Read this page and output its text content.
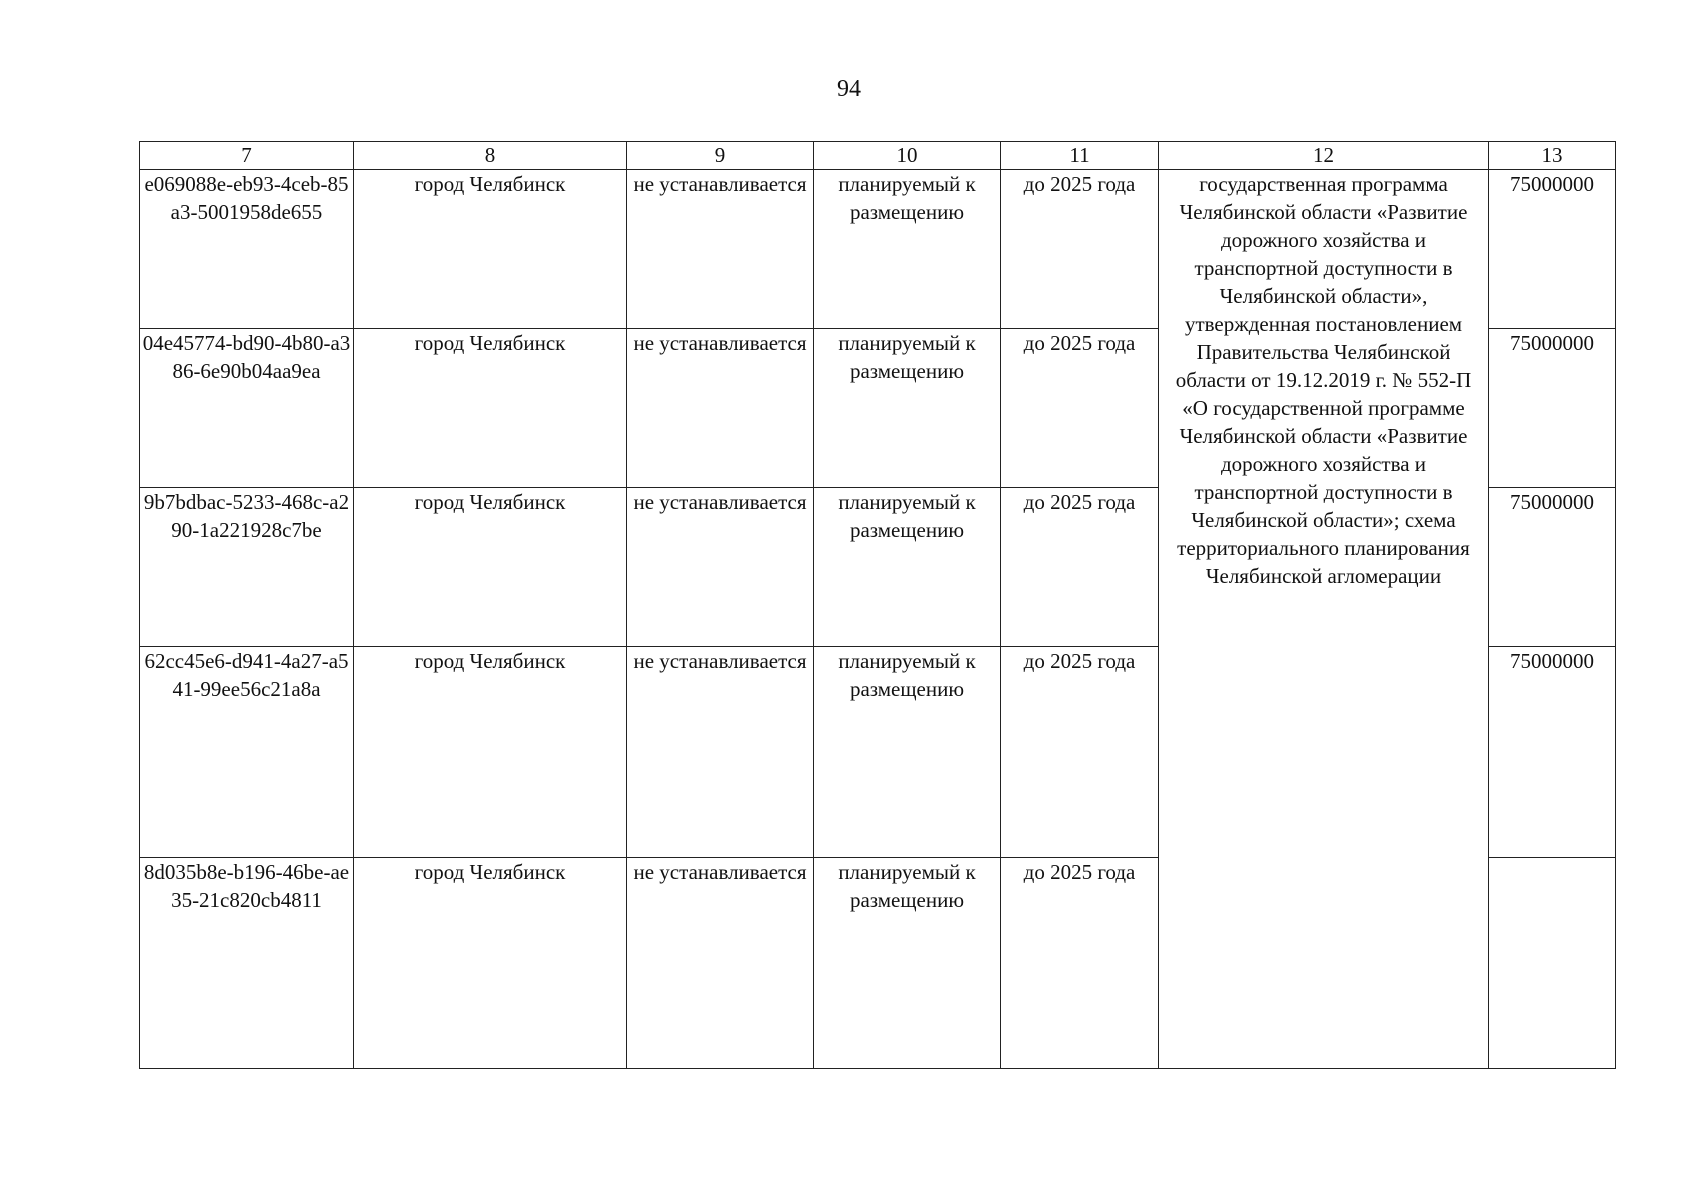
94
7	8	9	10	11	12	13
e069088e-eb93-4ceb-85a3-5001958de655	город Челябинск	не устанавливается	планируемый к размещению	до 2025 года	государственная программа Челябинской области «Развитие дорожного хозяйства и транспортной доступности в Челябинской области», утвержденная постановлением Правительства Челябинской области от 19.12.2019 г. № 552-П «О государственной программе Челябинской области «Развитие дорожного хозяйства и транспортной доступности в Челябинской области»; схема территориального планирования Челябинской агломерации	75000000
04e45774-bd90-4b80-a386-6e90b04aa9ea	город Челябинск	не устанавливается	планируемый к размещению	до 2025 года		75000000
9b7bdbac-5233-468c-a290-1a221928c7be	город Челябинск	не устанавливается	планируемый к размещению	до 2025 года		75000000
62cc45e6-d941-4a27-a541-99ee56c21a8a	город Челябинск	не устанавливается	планируемый к размещению	до 2025 года		75000000
8d035b8e-b196-46be-ae35-21c820cb4811	город Челябинск	не устанавливается	планируемый к размещению	до 2025 года		
